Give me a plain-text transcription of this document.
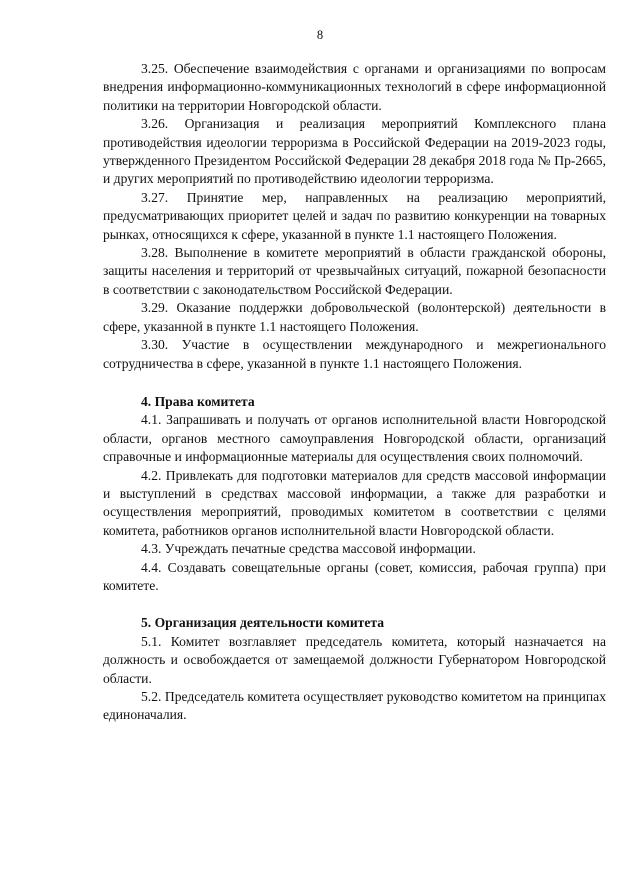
8

3.25. Обеспечение взаимодействия с органами и организациями по вопросам внедрения информационно-коммуникационных технологий в сфере информационной политики на территории Новгородской области.

3.26. Организация и реализация мероприятий Комплексного плана противодействия идеологии терроризма в Российской Федерации на 2019-2023 годы, утвержденного Президентом Российской Федерации 28 декабря 2018 года № Пр-2665, и других мероприятий по противодействию идеологии терроризма.

3.27. Принятие мер, направленных на реализацию мероприятий, предусматривающих приоритет целей и задач по развитию конкуренции на товарных рынках, относящихся к сфере, указанной в пункте 1.1 настоящего Положения.

3.28. Выполнение в комитете мероприятий в области гражданской обороны, защиты населения и территорий от чрезвычайных ситуаций, пожарной безопасности в соответствии с законодательством Российской Федерации.

3.29. Оказание поддержки добровольческой (волонтерской) деятельности в сфере, указанной в пункте 1.1 настоящего Положения.

3.30. Участие в осуществлении международного и межрегионального сотрудничества в сфере, указанной в пункте 1.1 настоящего Положения.

4. Права комитета

4.1. Запрашивать и получать от органов исполнительной власти Новгородской области, органов местного самоуправления Новгородской области, организаций справочные и информационные материалы для осуществления своих полномочий.

4.2. Привлекать для подготовки материалов для средств массовой информации и выступлений в средствах массовой информации, а также для разработки и осуществления мероприятий, проводимых комитетом в соответствии с целями комитета, работников органов исполнительной власти Новгородской области.

4.3. Учреждать печатные средства массовой информации.

4.4. Создавать совещательные органы (совет, комиссия, рабочая группа) при комитете.

5. Организация деятельности комитета

5.1. Комитет возглавляет председатель комитета, который назначается на должность и освобождается от замещаемой должности Губернатором Новгородской области.

5.2. Председатель комитета осуществляет руководство комитетом на принципах единоначалия.
